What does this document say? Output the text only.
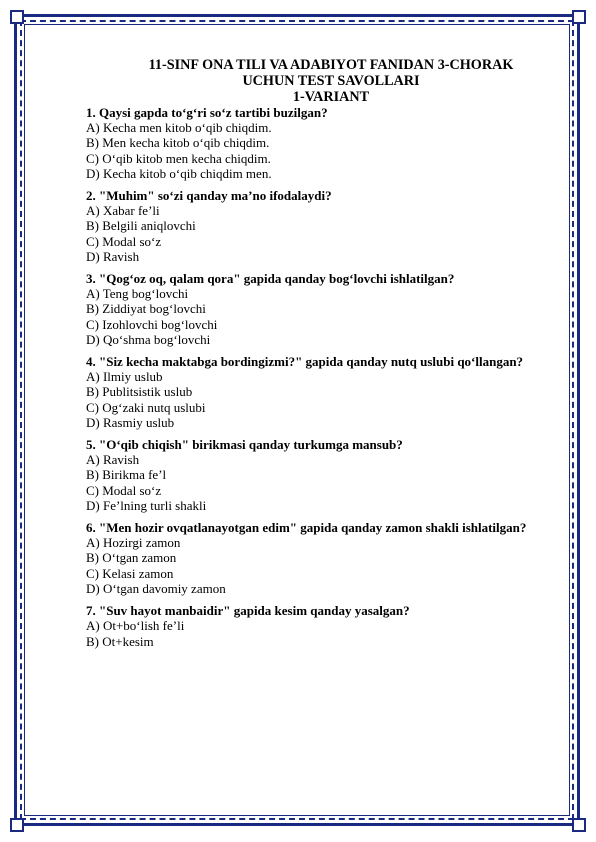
11-SINF ONA TILI VA ADABIYOT FANIDAN 3-CHORAK
UCHUN TEST SAVOLLARI
1-VARIANT
1. Qaysi gapda to‘g‘ri so‘z tartibi buzilgan?
A) Kecha men kitob o‘qib chiqdim.
B) Men kecha kitob o‘qib chiqdim.
C) O‘qib kitob men kecha chiqdim.
D) Kecha kitob o‘qib chiqdim men.
2. "Muhim" so‘zi qanday ma’no ifodalaydi?
A) Xabar fe’li
B) Belgili aniqlovchi
C) Modal so‘z
D) Ravish
3. "Qog‘oz oq, qalam qora" gapida qanday bog‘lovchi ishlatilgan?
A) Teng bog‘lovchi
B) Ziddiyat bog‘lovchi
C) Izohlovchi bog‘lovchi
D) Qo‘shma bog‘lovchi
4. "Siz kecha maktabga bordingizmi?" gapida qanday nutq uslubi qo‘llangan?
A) Ilmiy uslub
B) Publitsistik uslub
C) Og‘zaki nutq uslubi
D) Rasmiy uslub
5. "O‘qib chiqish" birikmasi qanday turkumga mansub?
A) Ravish
B) Birikma fe’l
C) Modal so‘z
D) Fe’lning turli shakli
6. "Men hozir ovqatlanayotgan edim" gapida qanday zamon shakli ishlatilgan?
A) Hozirgi zamon
B) O‘tgan zamon
C) Kelasi zamon
D) O‘tgan davomiy zamon
7. "Suv hayot manbaidir" gapida kesim qanday yasalgan?
A) Ot+bo‘lish fe’li
B) Ot+kesim
